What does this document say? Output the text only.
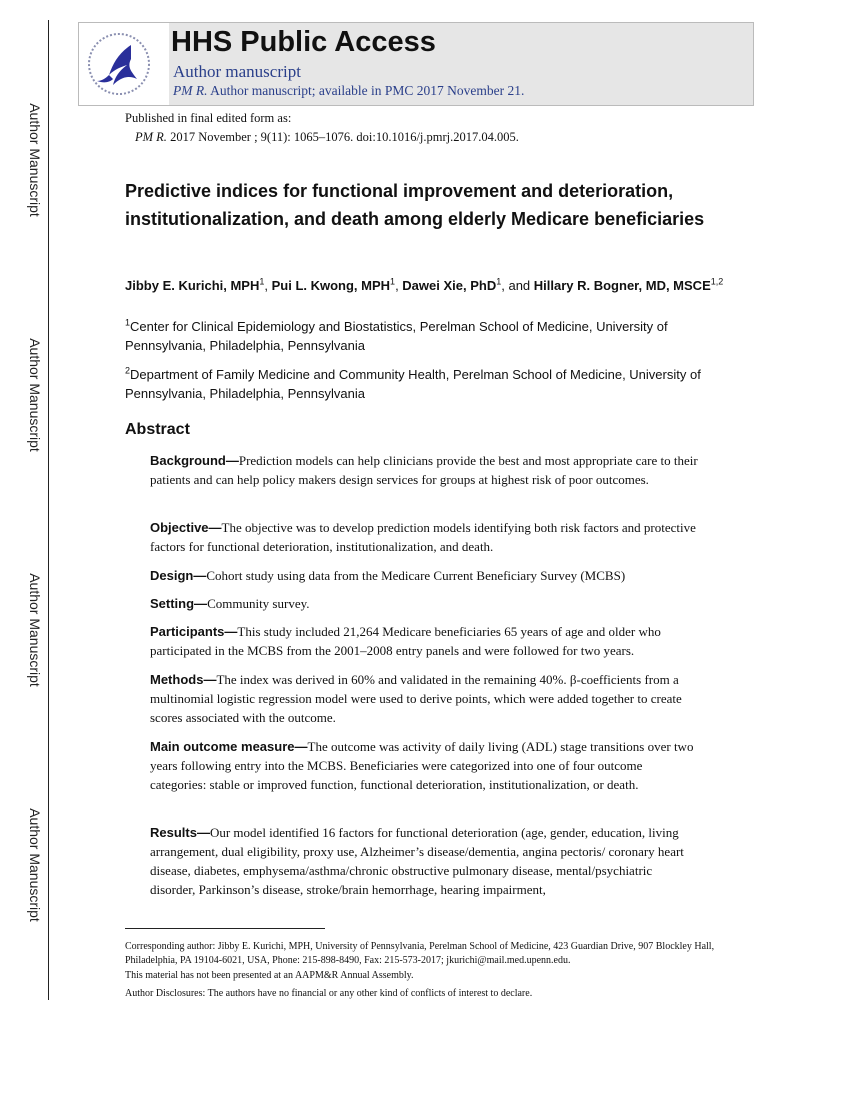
Author Manuscript
Author Manuscript
Author Manuscript
Author Manuscript
HHS Public Access
Author manuscript
PM R. Author manuscript; available in PMC 2017 November 21.
Published in final edited form as:
PM R. 2017 November ; 9(11): 1065–1076. doi:10.1016/j.pmrj.2017.04.005.
Predictive indices for functional improvement and deterioration, institutionalization, and death among elderly Medicare beneficiaries
Jibby E. Kurichi, MPH$^1$, Pui L. Kwong, MPH$^1$, Dawei Xie, PhD$^1$, and Hillary R. Bogner, MD, MSCE$^{1,2}$
$^1$Center for Clinical Epidemiology and Biostatistics, Perelman School of Medicine, University of Pennsylvania, Philadelphia, Pennsylvania
$^2$Department of Family Medicine and Community Health, Perelman School of Medicine, University of Pennsylvania, Philadelphia, Pennsylvania
Abstract
Background—Prediction models can help clinicians provide the best and most appropriate care to their patients and can help policy makers design services for groups at highest risk of poor outcomes.
Objective—The objective was to develop prediction models identifying both risk factors and protective factors for functional deterioration, institutionalization, and death.
Design—Cohort study using data from the Medicare Current Beneficiary Survey (MCBS)
Setting—Community survey.
Participants—This study included 21,264 Medicare beneficiaries 65 years of age and older who participated in the MCBS from the 2001–2008 entry panels and were followed for two years.
Methods—The index was derived in 60% and validated in the remaining 40%. β-coefficients from a multinomial logistic regression model were used to derive points, which were added together to create scores associated with the outcome.
Main outcome measure—The outcome was activity of daily living (ADL) stage transitions over two years following entry into the MCBS. Beneficiaries were categorized into one of four outcome categories: stable or improved function, functional deterioration, institutionalization, or death.
Results—Our model identified 16 factors for functional deterioration (age, gender, education, living arrangement, dual eligibility, proxy use, Alzheimer’s disease/dementia, angina pectoris/ coronary heart disease, diabetes, emphysema/asthma/chronic obstructive pulmonary disease, mental/psychiatric disorder, Parkinson’s disease, stroke/brain hemorrhage, hearing impairment,
Corresponding author: Jibby E. Kurichi, MPH, University of Pennsylvania, Perelman School of Medicine, 423 Guardian Drive, 907 Blockley Hall, Philadelphia, PA 19104-6021, USA, Phone: 215-898-8490, Fax: 215-573-2017; jkurichi@mail.med.upenn.edu.
This material has not been presented at an AAPM&R Annual Assembly.
Author Disclosures: The authors have no financial or any other kind of conflicts of interest to declare.
